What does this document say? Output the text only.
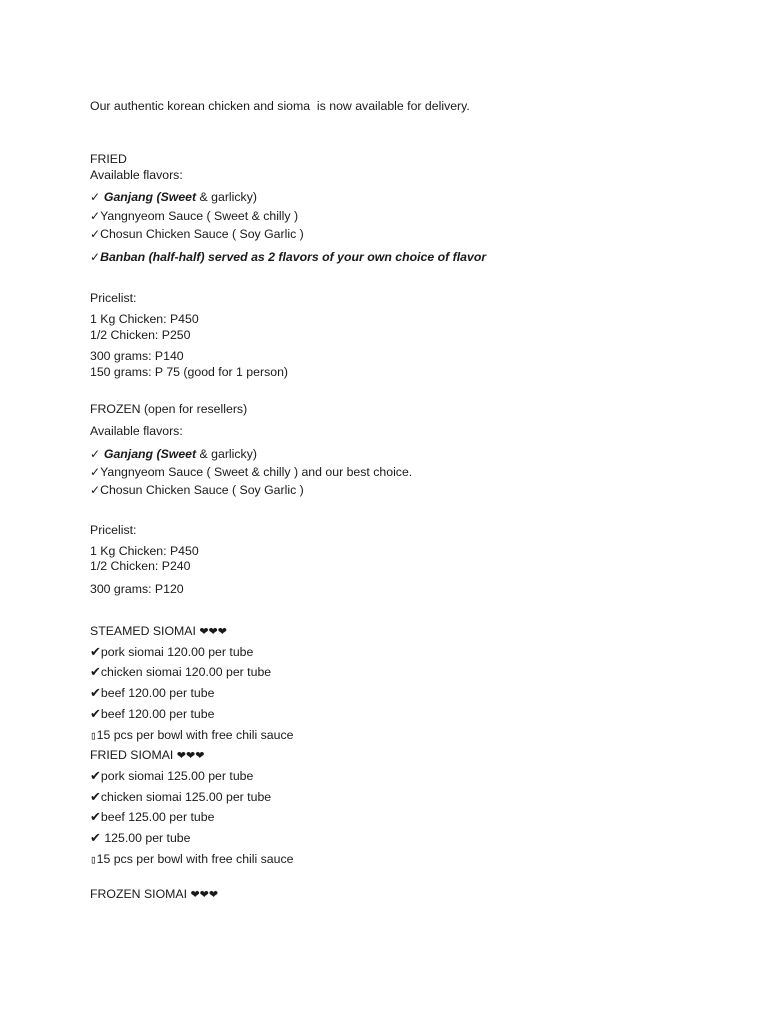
Our authentic korean chicken and sioma  is now available for delivery.
FRIED
Available flavors:
✓ Ganjang (Sweet & garlicky)
✓Yangnyeom Sauce ( Sweet & chilly )
✓Chosun Chicken Sauce ( Soy Garlic )
✓Banban (half-half) served as 2 flavors of your own choice of flavor
Pricelist:
1 Kg Chicken: P450
1/2 Chicken: P250
300 grams: P140
150 grams: P 75 (good for 1 person)
FROZEN (open for resellers)
Available flavors:
✓ Ganjang (Sweet & garlicky)
✓Yangnyeom Sauce ( Sweet & chilly ) and our best choice.
✓Chosun Chicken Sauce ( Soy Garlic )
Pricelist:
1 Kg Chicken: P450
1/2 Chicken: P240
300 grams: P120
STEAMED SIOMAI ❤❤❤
✔pork siomai 120.00 per tube
✔chicken siomai 120.00 per tube
✔beef 120.00 per tube
✔beef 120.00 per tube
▯15 pcs per bowl with free chili sauce
FRIED SIOMAI ❤❤❤
✔pork siomai 125.00 per tube
✔chicken siomai 125.00 per tube
✔beef 125.00 per tube
✔ 125.00 per tube
▯15 pcs per bowl with free chili sauce
FROZEN SIOMAI ❤❤❤
